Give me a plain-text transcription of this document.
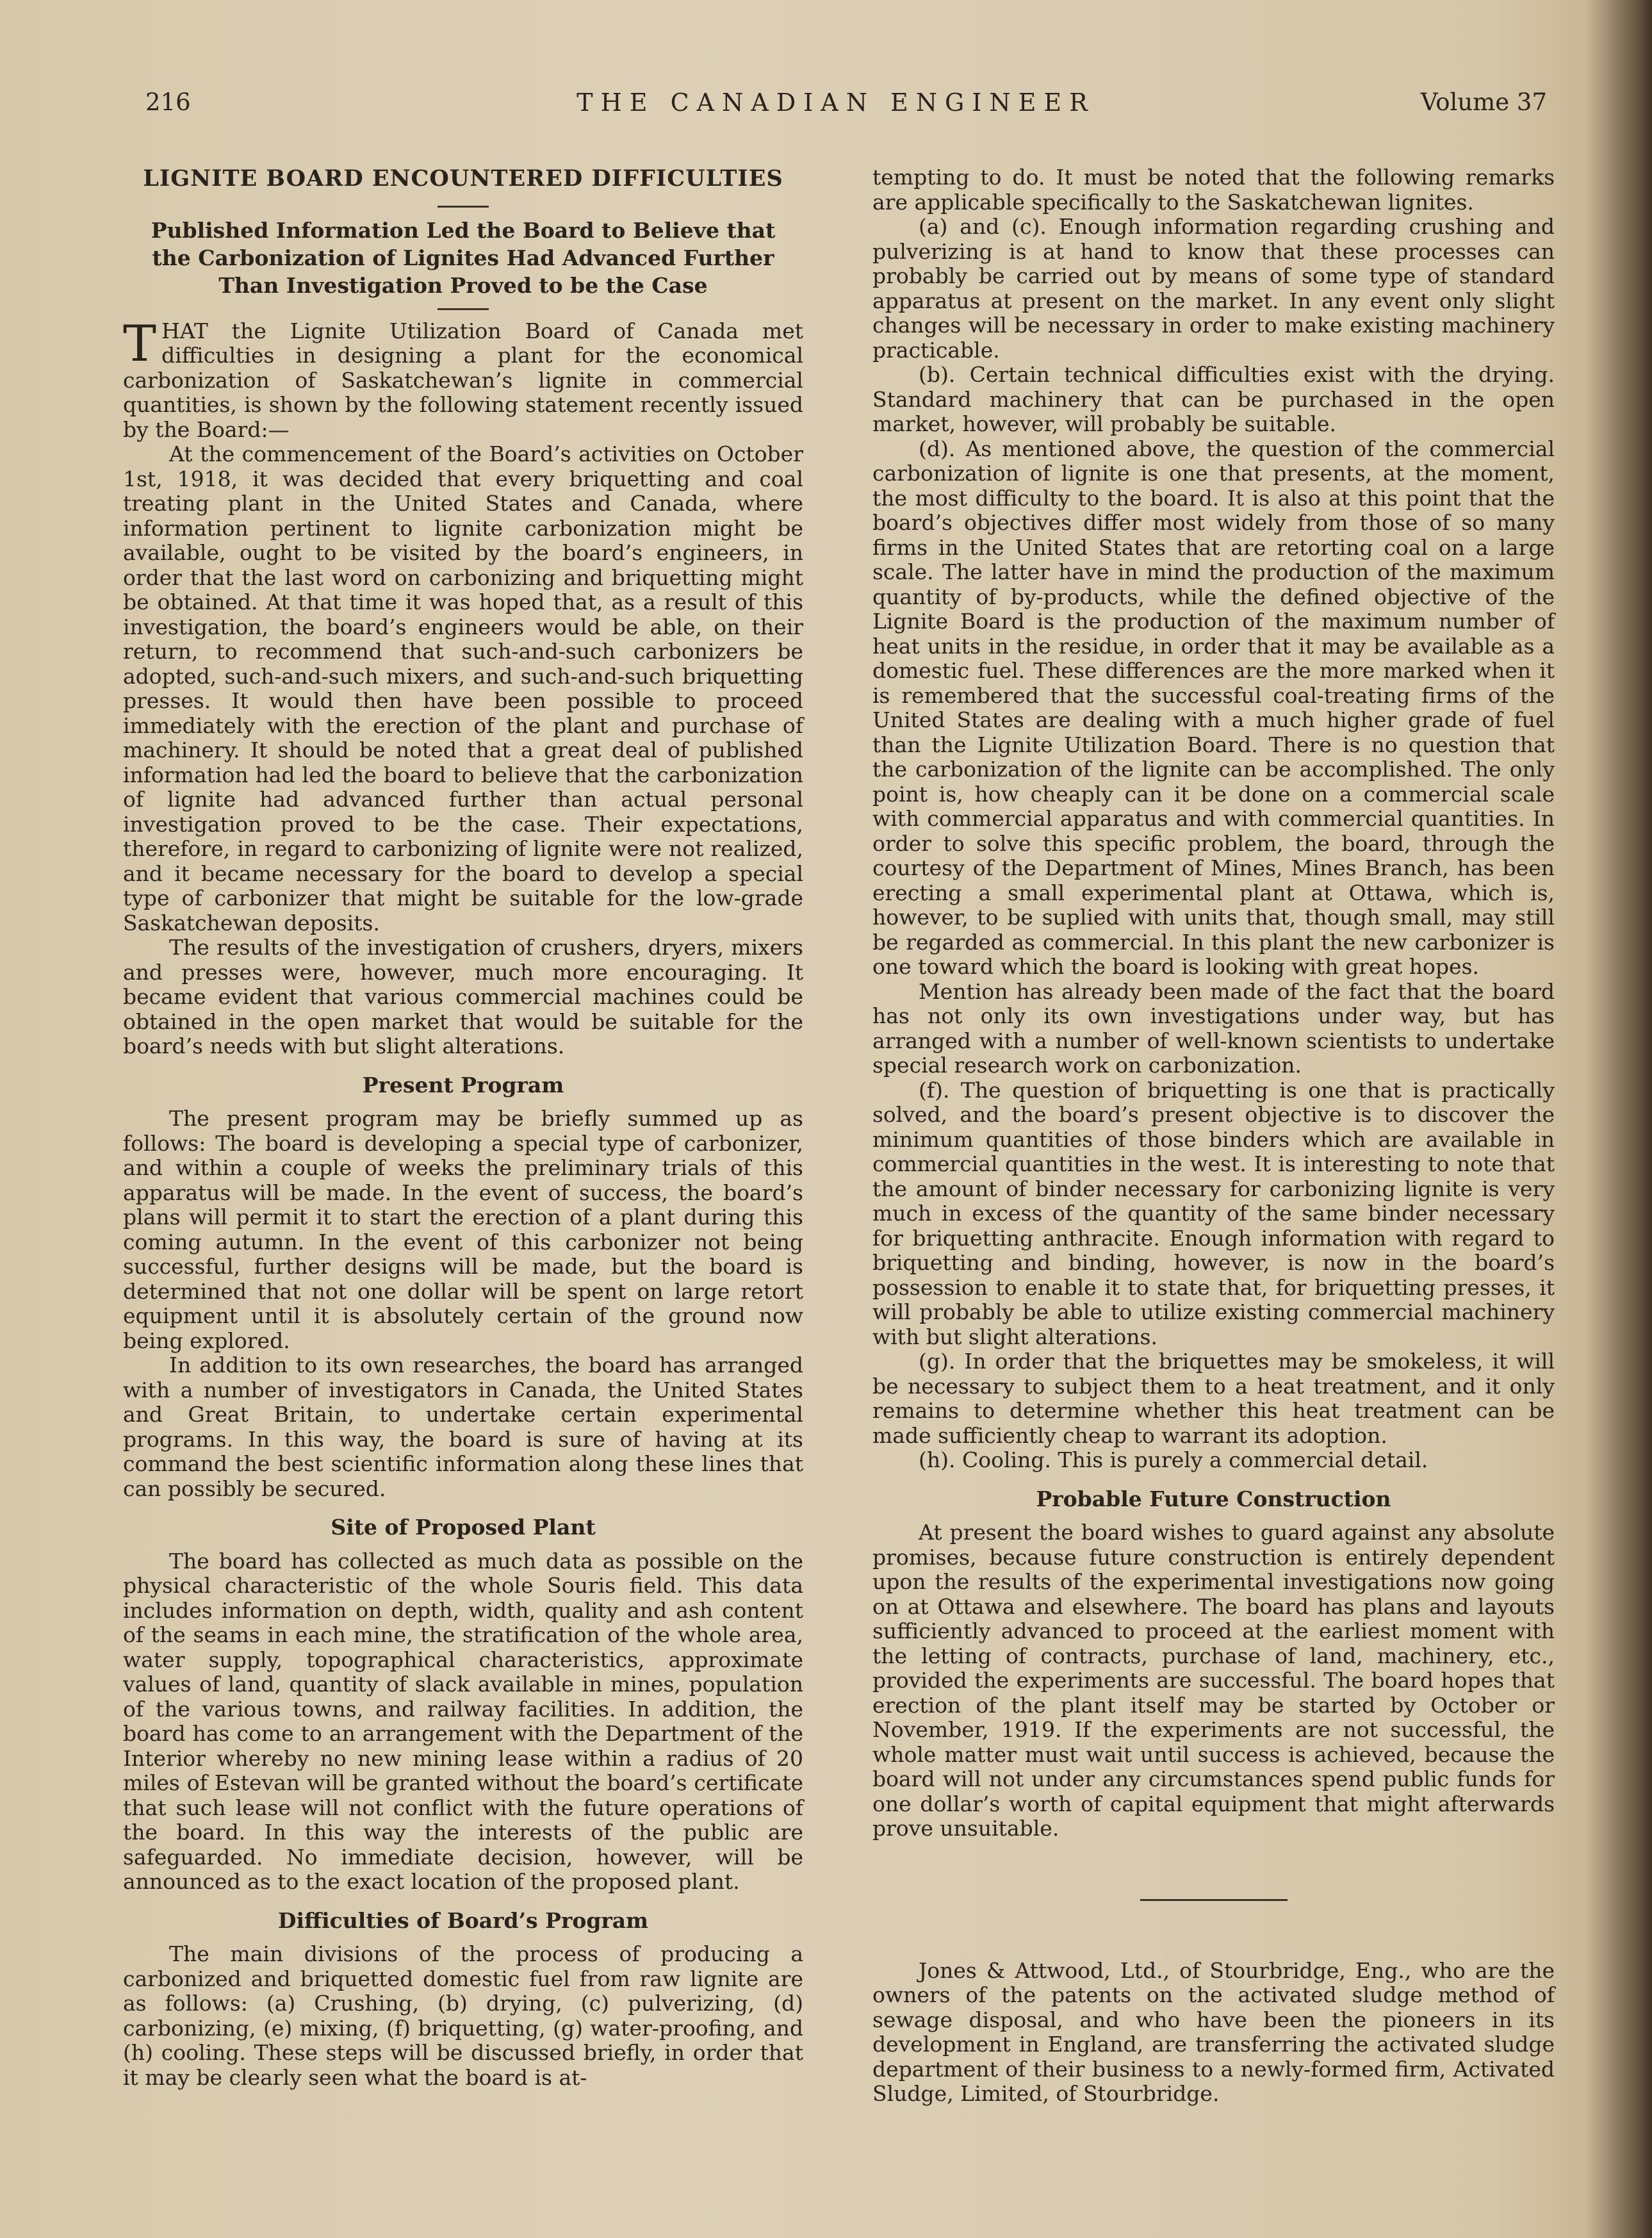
216	THE CANADIAN ENGINEER	Volume 37
LIGNITE BOARD ENCOUNTERED DIFFICULTIES
Published Information Led the Board to Believe that the Carbonization of Lignites Had Advanced Further Than Investigation Proved to be the Case

THAT the Lignite Utilization Board of Canada met difficulties in designing a plant for the economical carbonization of Saskatchewan’s lignite in commercial quantities, is shown by the following statement recently issued by the Board:—

At the commencement of the Board’s activities on October 1st, 1918, it was decided that every briquetting and coal treating plant in the United States and Canada, where information pertinent to lignite carbonization might be available, ought to be visited by the board’s engineers, in order that the last word on carbonizing and briquetting might be obtained. At that time it was hoped that, as a result of this investigation, the board’s engineers would be able, on their return, to recommend that such-and-such carbonizers be adopted, such-and-such mixers, and such-and-such briquetting presses. It would then have been possible to proceed immediately with the erection of the plant and purchase of machinery. It should be noted that a great deal of published information had led the board to believe that the carbonization of lignite had advanced further than actual personal investigation proved to be the case. Their expectations, therefore, in regard to carbonizing of lignite were not realized, and it became necessary for the board to develop a special type of carbonizer that might be suitable for the low-grade Saskatchewan deposits.

The results of the investigation of crushers, dryers, mixers and presses were, however, much more encouraging. It became evident that various commercial machines could be obtained in the open market that would be suitable for the board’s needs with but slight alterations.

Present Program

The present program may be briefly summed up as follows: The board is developing a special type of carbonizer, and within a couple of weeks the preliminary trials of this apparatus will be made. In the event of success, the board’s plans will permit it to start the erection of a plant during this coming autumn. In the event of this carbonizer not being successful, further designs will be made, but the board is determined that not one dollar will be spent on large retort equipment until it is absolutely certain of the ground now being explored.

In addition to its own researches, the board has arranged with a number of investigators in Canada, the United States and Great Britain, to undertake certain experimental programs. In this way, the board is sure of having at its command the best scientific information along these lines that can possibly be secured.

Site of Proposed Plant

The board has collected as much data as possible on the physical characteristic of the whole Souris field. This data includes information on depth, width, quality and ash content of the seams in each mine, the stratification of the whole area, water supply, topographical characteristics, approximate values of land, quantity of slack available in mines, population of the various towns, and railway facilities. In addition, the board has come to an arrangement with the Department of the Interior whereby no new mining lease within a radius of 20 miles of Estevan will be granted without the board’s certificate that such lease will not conflict with the future operations of the board. In this way the interests of the public are safeguarded. No immediate decision, however, will be announced as to the exact location of the proposed plant.

Difficulties of Board’s Program

The main divisions of the process of producing a carbonized and briquetted domestic fuel from raw lignite are as follows: (a) Crushing, (b) drying, (c) pulverizing, (d) carbonizing, (e) mixing, (f) briquetting, (g) water-proofing, and (h) cooling. These steps will be discussed briefly, in order that it may be clearly seen what the board is at-

tempting to do. It must be noted that the following remarks are applicable specifically to the Saskatchewan lignites.

(a) and (c). Enough information regarding crushing and pulverizing is at hand to know that these processes can probably be carried out by means of some type of standard apparatus at present on the market. In any event only slight changes will be necessary in order to make existing machinery practicable.

(b). Certain technical difficulties exist with the drying. Standard machinery that can be purchased in the open market, however, will probably be suitable.

(d). As mentioned above, the question of the commercial carbonization of lignite is one that presents, at the moment, the most difficulty to the board. It is also at this point that the board’s objectives differ most widely from those of so many firms in the United States that are retorting coal on a large scale. The latter have in mind the production of the maximum quantity of by-products, while the defined objective of the Lignite Board is the production of the maximum number of heat units in the residue, in order that it may be available as a domestic fuel. These differences are the more marked when it is remembered that the successful coal-treating firms of the United States are dealing with a much higher grade of fuel than the Lignite Utilization Board. There is no question that the carbonization of the lignite can be accomplished. The only point is, how cheaply can it be done on a commercial scale with commercial apparatus and with commercial quantities. In order to solve this specific problem, the board, through the courtesy of the Department of Mines, Mines Branch, has been erecting a small experimental plant at Ottawa, which is, however, to be suplied with units that, though small, may still be regarded as commercial. In this plant the new carbonizer is one toward which the board is looking with great hopes.

Mention has already been made of the fact that the board has not only its own investigations under way, but has arranged with a number of well-known scientists to undertake special research work on carbonization.

(f). The question of briquetting is one that is practically solved, and the board’s present objective is to discover the minimum quantities of those binders which are available in commercial quantities in the west. It is interesting to note that the amount of binder necessary for carbonizing lignite is very much in excess of the quantity of the same binder necessary for briquetting anthracite. Enough information with regard to briquetting and binding, however, is now in the board’s possession to enable it to state that, for briquetting presses, it will probably be able to utilize existing commercial machinery with but slight alterations.

(g). In order that the briquettes may be smokeless, it will be necessary to subject them to a heat treatment, and it only remains to determine whether this heat treatment can be made sufficiently cheap to warrant its adoption.

(h). Cooling. This is purely a commercial detail.

Probable Future Construction

At present the board wishes to guard against any absolute promises, because future construction is entirely dependent upon the results of the experimental investigations now going on at Ottawa and elsewhere. The board has plans and layouts sufficiently advanced to proceed at the earliest moment with the letting of contracts, purchase of land, machinery, etc., provided the experiments are successful. The board hopes that erection of the plant itself may be started by October or November, 1919. If the experiments are not successful, the whole matter must wait until success is achieved, because the board will not under any circumstances spend public funds for one dollar’s worth of capital equipment that might afterwards prove unsuitable.

Jones & Attwood, Ltd., of Stourbridge, Eng., who are the owners of the patents on the activated sludge method of sewage disposal, and who have been the pioneers in its development in England, are transferring the activated sludge department of their business to a newly-formed firm, Activated Sludge, Limited, of Stourbridge.
